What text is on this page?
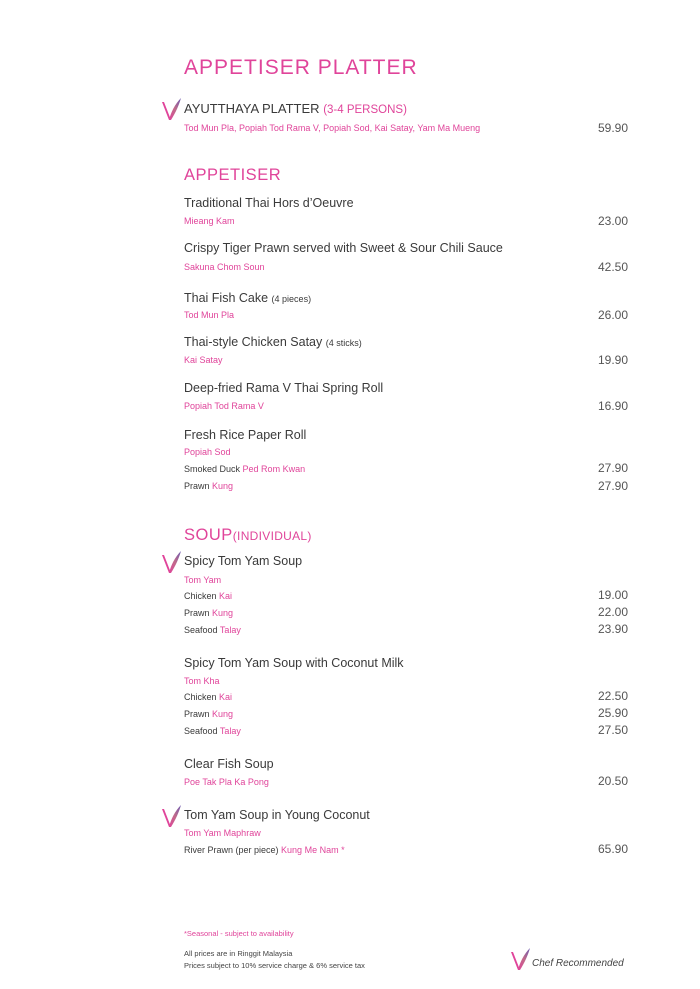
APPETISER PLATTER
AYUTTHAYA PLATTER (3-4 PERSONS)
Tod Mun Pla, Popiah Tod Rama V, Popiah Sod, Kai Satay, Yam Ma Mueng	59.90
APPETISER
Traditional Thai Hors d’Oeuvre
Mieang Kam	23.00
Crispy Tiger Prawn served with Sweet & Sour Chili Sauce
Sakuna Chom Soun	42.50
Thai Fish Cake (4 pieces)
Tod Mun Pla	26.00
Thai-style Chicken Satay (4 sticks)
Kai Satay	19.90
Deep-fried Rama V Thai Spring Roll
Popiah Tod Rama V	16.90
Fresh Rice Paper Roll
Popiah Sod
Smoked Duck Ped Rom Kwan	27.90
Prawn Kung	27.90
SOUP(INDIVIDUAL)
Spicy Tom Yam Soup
Tom Yam
Chicken Kai	19.00
Prawn Kung	22.00
Seafood Talay	23.90
Spicy Tom Yam Soup with Coconut Milk
Tom Kha
Chicken Kai	22.50
Prawn Kung	25.90
Seafood Talay	27.50
Clear Fish Soup
Poe Tak Pla Ka Pong	20.50
Tom Yam Soup in Young Coconut
Tom Yam Maphraw
River Prawn (per piece) Kung Me Nam *	65.90
*Seasonal - subject to availability
All prices are in Ringgit Malaysia
Prices subject to 10% service charge & 6% service tax	Chef Recommended
